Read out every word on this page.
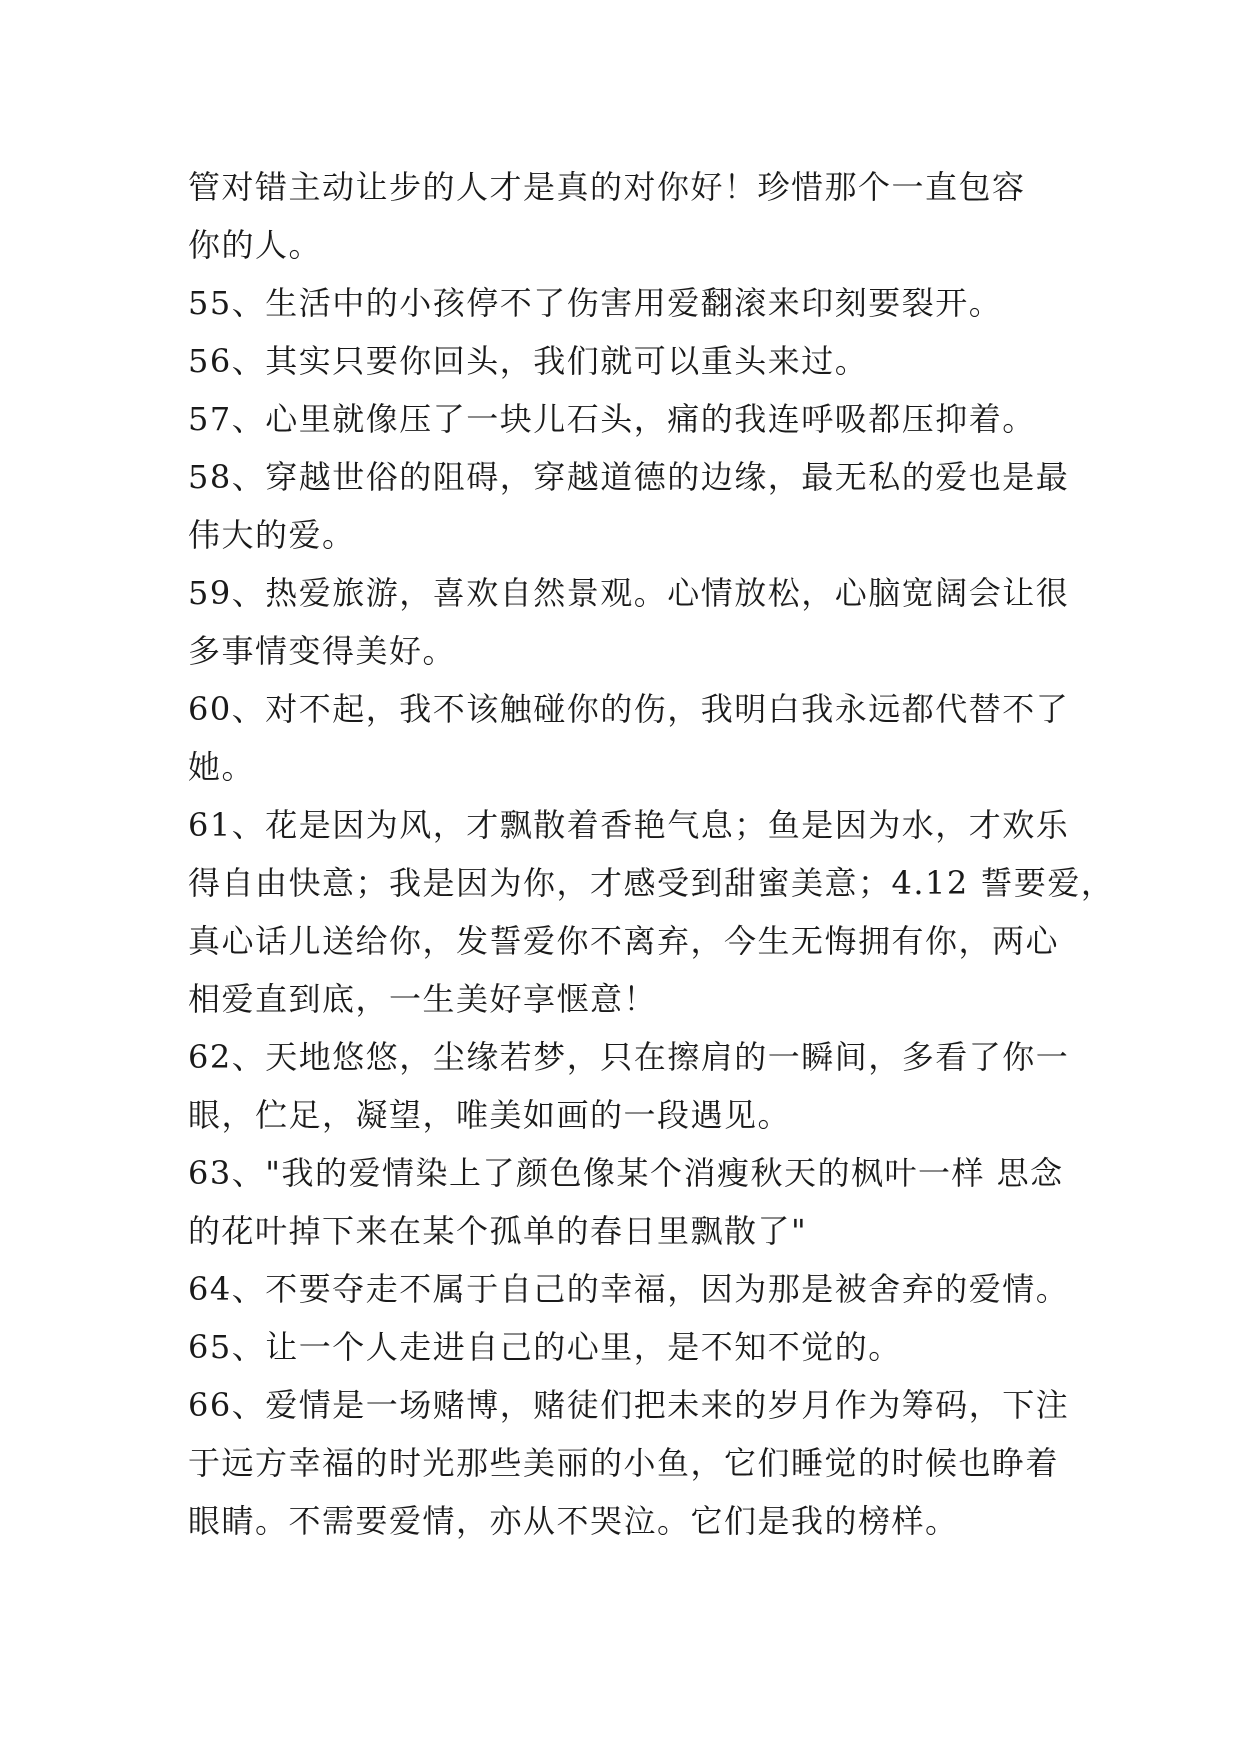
管对错主动让步的人才是真的对你好！珍惜那个一直包容
你的人。
55、生活中的小孩停不了伤害用爱翻滚来印刻要裂开。
56、其实只要你回头，我们就可以重头来过。
57、心里就像压了一块儿石头，痛的我连呼吸都压抑着。
58、穿越世俗的阻碍，穿越道德的边缘，最无私的爱也是最
伟大的爱。
59、热爱旅游，喜欢自然景观。心情放松，心脑宽阔会让很
多事情变得美好。
60、对不起，我不该触碰你的伤，我明白我永远都代替不了
她。
61、花是因为风，才飘散着香艳气息；鱼是因为水，才欢乐
得自由快意；我是因为你，才感受到甜蜜美意；4.12 誓要爱，
真心话儿送给你，发誓爱你不离弃，今生无悔拥有你，两心
相爱直到底，一生美好享惬意！
62、天地悠悠，尘缘若梦，只在擦肩的一瞬间，多看了你一
眼，伫足，凝望，唯美如画的一段遇见。
63、"我的爱情染上了颜色像某个消瘦秋天的枫叶一样 思念
的花叶掉下来在某个孤单的春日里飘散了"
64、不要夺走不属于自己的幸福，因为那是被舍弃的爱情。
65、让一个人走进自己的心里，是不知不觉的。
66、爱情是一场赌博，赌徒们把未来的岁月作为筹码，下注
于远方幸福的时光那些美丽的小鱼，它们睡觉的时候也睁着
眼睛。不需要爱情，亦从不哭泣。它们是我的榜样。
